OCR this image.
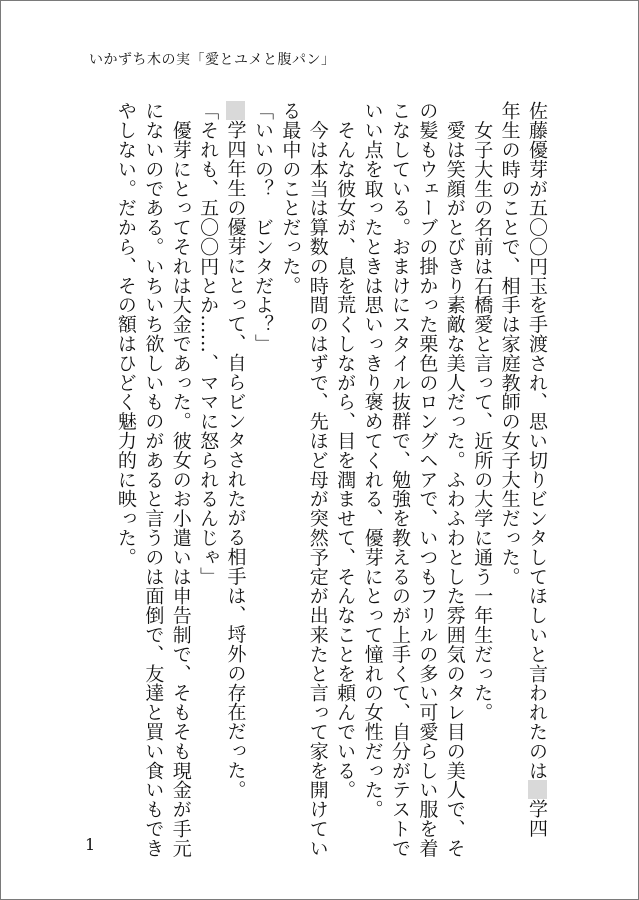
いかずち木の実「愛とユメと腹パン」

佐藤優芽が五〇〇円玉を手渡され、思い切りビンタしてほしいと言われたのは学四

年生の時のことで、相手は家庭教師の女子大生だった。

　女子大生の名前は石橋愛と言って、近所の大学に通う一年生だった。

　愛は笑顔がとびきり素敵な美人だった。ふわふわとした雰囲気のタレ目の美人で、そ

の髪もウェーブの掛かった栗色のロングヘアで、いつもフリルの多い可愛らしい服を着

こなしている。おまけにスタイル抜群で、勉強を教えるのが上手くて、自分がテストで

いい点を取ったときは思いっきり褒めてくれる、優芽にとって憧れの女性だった。

　そんな彼女が、息を荒くしながら、目を潤ませて、そんなことを頼んでいる。

　今は本当は算数の時間のはずで、先ほど母が突然予定が出来たと言って家を開けてい

る最中のことだった。

「いいの？　ビンタだよ？」

学四年生の優芽にとって、自らビンタされたがる相手は、埒外の存在だった。

「それも、五〇〇円とか……、ママに怒られるんじゃ」

　優芽にとってそれは大金であった。彼女のお小遣いは申告制で、そもそも現金が手元

にないのである。いちいち欲しいものがあると言うのは面倒で、友達と買い食いもでき

やしない。だから、その額はひどく魅力的に映った。

1
